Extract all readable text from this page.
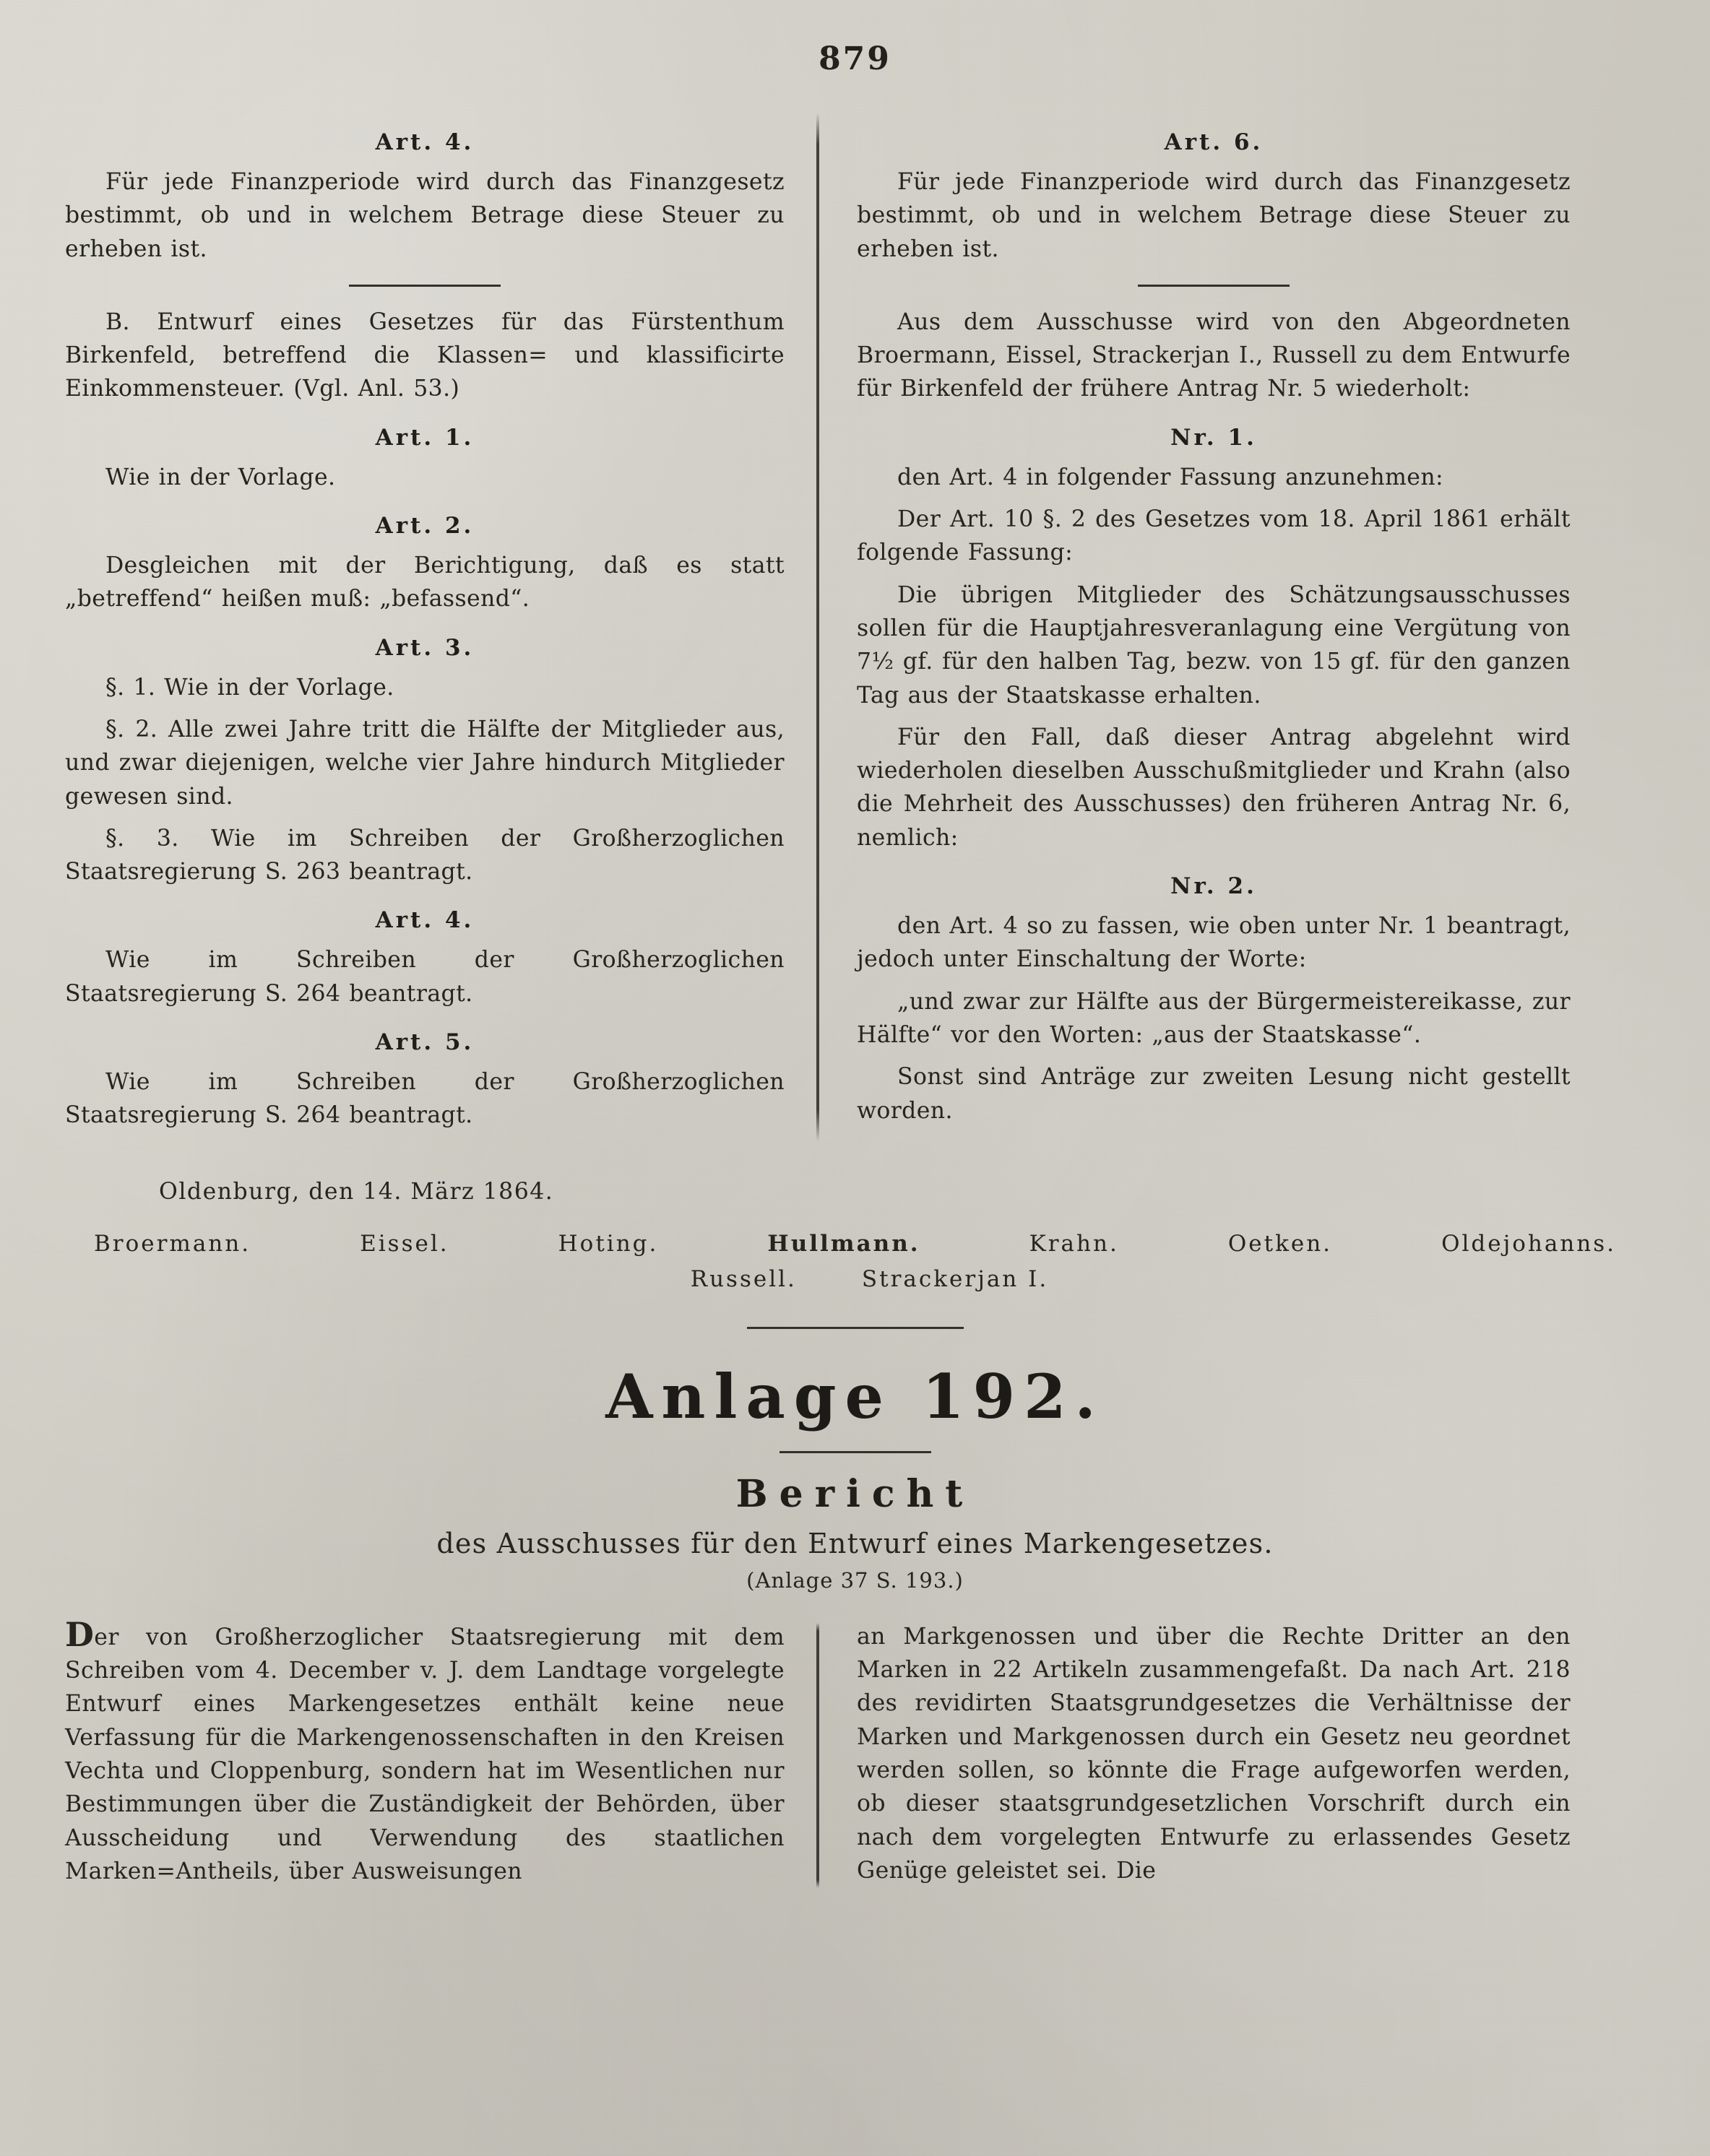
879
Art. 4.

Für jede Finanzperiode wird durch das Finanzgesetz bestimmt, ob und in welchem Betrage diese Steuer zu erheben ist.

B. Entwurf eines Gesetzes für das Fürstenthum Birkenfeld, betreffend die Klassen= und klassificirte Einkommensteuer. (Vgl. Anl. 53.)

Art. 1.

Wie in der Vorlage.

Art. 2.

Desgleichen mit der Berichtigung, daß es statt „betreffend“ heißen muß: „befassend“.

Art. 3.

§. 1. Wie in der Vorlage.

§. 2. Alle zwei Jahre tritt die Hälfte der Mitglieder aus, und zwar diejenigen, welche vier Jahre hindurch Mitglieder gewesen sind.

§. 3. Wie im Schreiben der Großherzoglichen Staatsregierung S. 263 beantragt.

Art. 4.

Wie im Schreiben der Großherzoglichen Staatsregierung S. 264 beantragt.

Art. 5.

Wie im Schreiben der Großherzoglichen Staatsregierung S. 264 beantragt.

Art. 6.

Für jede Finanzperiode wird durch das Finanzgesetz bestimmt, ob und in welchem Betrage diese Steuer zu erheben ist.

Aus dem Ausschusse wird von den Abgeordneten Broermann, Eissel, Strackerjan I., Russell zu dem Entwurfe für Birkenfeld der frühere Antrag Nr. 5 wiederholt:

Nr. 1.

den Art. 4 in folgender Fassung anzunehmen:

Der Art. 10 §. 2 des Gesetzes vom 18. April 1861 erhält folgende Fassung:

Die übrigen Mitglieder des Schätzungsausschusses sollen für die Hauptjahresveranlagung eine Vergütung von 7½ gf. für den halben Tag, bezw. von 15 gf. für den ganzen Tag aus der Staatskasse erhalten.

Für den Fall, daß dieser Antrag abgelehnt wird wiederholen dieselben Ausschußmitglieder und Krahn (also die Mehrheit des Ausschusses) den früheren Antrag Nr. 6, nemlich:

Nr. 2.

den Art. 4 so zu fassen, wie oben unter Nr. 1 beantragt, jedoch unter Einschaltung der Worte:

„und zwar zur Hälfte aus der Bürgermeistereikasse, zur Hälfte“ vor den Worten: „aus der Staatskasse“.

Sonst sind Anträge zur zweiten Lesung nicht gestellt worden.

Oldenburg, den 14. März 1864.
Broermann.	Eissel.	Hoting.	Hullmann.	Krahn.	Oetken.	Oldejohanns.
Russell.	Strackerjan I.
Anlage 192.
Bericht
des Ausschusses für den Entwurf eines Markengesetzes.
(Anlage 37 S. 193.)

Der von Großherzoglicher Staatsregierung mit dem Schreiben vom 4. December v. J. dem Landtage vorgelegte Entwurf eines Markengesetzes enthält keine neue Verfassung für die Markengenossenschaften in den Kreisen Vechta und Cloppenburg, sondern hat im Wesentlichen nur Bestimmungen über die Zuständigkeit der Behörden, über Ausscheidung und Verwendung des staatlichen Marken=Antheils, über Ausweisungen

an Markgenossen und über die Rechte Dritter an den Marken in 22 Artikeln zusammengefaßt. Da nach Art. 218 des revidirten Staatsgrundgesetzes die Verhältnisse der Marken und Markgenossen durch ein Gesetz neu geordnet werden sollen, so könnte die Frage aufgeworfen werden, ob dieser staatsgrundgesetzlichen Vorschrift durch ein nach dem vorgelegten Entwurfe zu erlassendes Gesetz Genüge geleistet sei. Die
